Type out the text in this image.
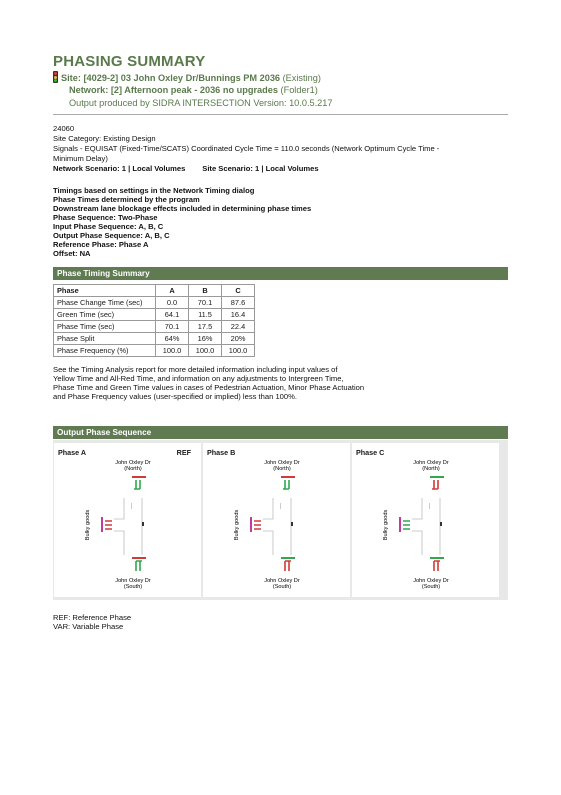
PHASING SUMMARY
Site: [4029-2] 03 John Oxley Dr/Bunnings PM 2036 (Existing)
Network: [2] Afternoon peak - 2036 no upgrades (Folder1)
Output produced by SIDRA INTERSECTION Version: 10.0.5.217
24060
Site Category: Existing Design
Signals - EQUISAT (Fixed-Time/SCATS) Coordinated Cycle Time = 110.0 seconds (Network Optimum Cycle Time -
Minimum Delay)
Network Scenario: 1 | Local Volumes        Site Scenario: 1 | Local Volumes
Timings based on settings in the Network Timing dialog
Phase Times determined by the program
Downstream lane blockage effects included in determining phase times
Phase Sequence: Two-Phase
Input Phase Sequence: A, B, C
Output Phase Sequence: A, B, C
Reference Phase: Phase A
Offset: NA
Phase Timing Summary
Phase	A	B	C
Phase Change Time (sec)	0.0	70.1	87.6
Green Time (sec)	64.1	11.5	16.4
Phase Time (sec)	70.1	17.5	22.4
Phase Split	64%	16%	20%
Phase Frequency (%)	100.0	100.0	100.0
See the Timing Analysis report for more detailed information including input values of
Yellow Time and All-Red Time, and information on any adjustments to Intergreen Time,
Phase Time and Green Time values in cases of Pedestrian Actuation, Minor Phase Actuation
and Phase Frequency values (user-specified or implied) less than 100%.
Output Phase Sequence
Phase A	REF
John Oxley Dr
(North)
John Oxley Dr
(South)
Bulky goods
Phase B
John Oxley Dr
(North)
John Oxley Dr
(South)
Bulky goods
Phase C
John Oxley Dr
(North)
John Oxley Dr
(South)
Bulky goods
REF: Reference Phase
VAR: Variable Phase
